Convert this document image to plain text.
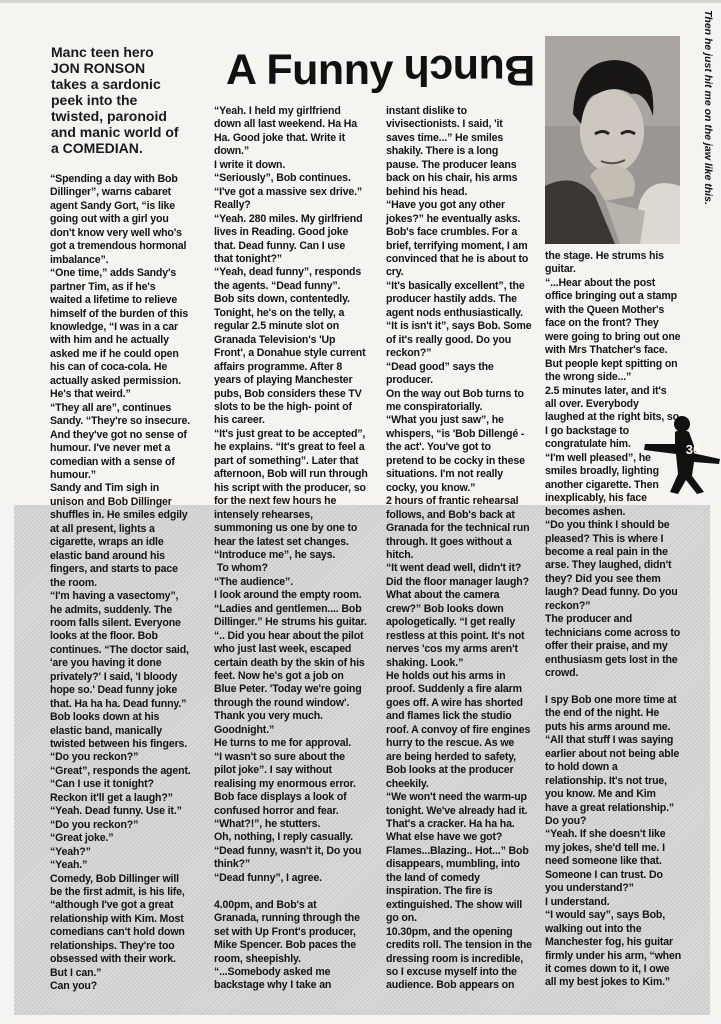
Manc teen hero
JON RONSON
takes a sardonic
peek into the
twisted, paronoid
and manic world of
a COMEDIAN.

A Funny Bunch	Then he just hit me on the jaw like this.
36

“Spending a day with Bob
Dillinger”, warns cabaret
agent Sandy Gort, “is like
going out with a girl you
don't know very well who's
got a tremendous hormonal
imbalance”.
“One time,” adds Sandy's
partner Tim, as if he's
waited a lifetime to relieve
himself of the burden of this
knowledge, “I was in a car
with him and he actually
asked me if he could open
his can of coca-cola. He
actually asked permission.
He's that weird.”
“They all are”, continues
Sandy. “They're so insecure.
And they've got no sense of
humour. I've never met a
comedian with a sense of
humour.”
Sandy and Tim sigh in
unison and Bob Dillinger
shuffles in. He smiles edgily
at all present, lights a
cigarette, wraps an idle
elastic band around his
fingers, and starts to pace
the room.
“I'm having a vasectomy”,
he admits, suddenly. The
room falls silent. Everyone
looks at the floor. Bob
continues. “The doctor said,
'are you having it done
privately?' I said, 'I bloody
hope so.' Dead funny joke
that. Ha ha ha. Dead funny.”
Bob looks down at his
elastic band, manically
twisted between his fingers.
“Do you reckon?”
“Great”, responds the agent.
“Can I use it tonight?
Reckon it'll get a laugh?”
“Yeah. Dead funny. Use it.”
“Do you reckon?”
“Great joke.”
“Yeah?”
“Yeah.”
Comedy, Bob Dillinger will
be the first admit, is his life,
“although I've got a great
relationship with Kim. Most
comedians can't hold down
relationships. They're too
obsessed with their work.
But I can.”
Can you?

“Yeah. I held my girlfriend
down all last weekend. Ha Ha
Ha. Good joke that. Write it
down.”
I write it down.
“Seriously”, Bob continues.
“I've got a massive sex drive.”
Really?
“Yeah. 280 miles. My girlfriend
lives in Reading. Good joke
that. Dead funny. Can I use
that tonight?”
“Yeah, dead funny”, responds
the agents. “Dead funny”.
Bob sits down, contentedly.
Tonight, he's on the telly, a
regular 2.5 minute slot on
Granada Television's 'Up
Front', a Donahue style current
affairs programme. After 8
years of playing Manchester
pubs, Bob considers these TV
slots to be the high- point of
his career.
“It's just great to be accepted”,
he explains. “It's great to feel a
part of something”. Later that
afternoon, Bob will run through
his script with the producer, so
for the next few hours he
intensely rehearses,
summoning us one by one to
hear the latest set changes.
“Introduce me”, he says.
To whom?
“The audience”.
I look around the empty room.
“Ladies and gentlemen.... Bob
Dillinger.” He strums his guitar.
“.. Did you hear about the pilot
who just last week, escaped
certain death by the skin of his
feet. Now he's got a job on
Blue Peter. 'Today we're going
through the round window'.
Thank you very much.
Goodnight.”
He turns to me for approval.
“I wasn't so sure about the
pilot joke”. I say without
realising my enormous error.
Bob face displays a look of
confused horror and fear.
“What?!”, he stutters.
Oh, nothing, I reply casually.
“Dead funny, wasn't it, Do you
think?”
“Dead funny”, I agree.

4.00pm, and Bob's at
Granada, running through the
set with Up Front's producer,
Mike Spencer. Bob paces the
room, sheepishly.
“...Somebody asked me
backstage why I take an

instant dislike to
vivisectionists. I said, 'it
saves time...” He smiles
shakily. There is a long
pause. The producer leans
back on his chair, his arms
behind his head.
“Have you got any other
jokes?” he eventually asks.
Bob's face crumbles. For a
brief, terrifying moment, I am
convinced that he is about to
cry.
“It's basically excellent”, the
producer hastily adds. The
agent nods enthusiastically.
“It is isn't it”, says Bob. Some
of it's really good. Do you
reckon?”
“Dead good” says the
producer.
On the way out Bob turns to
me conspiratorially.
“What you just saw”, he
whispers, “is 'Bob Dillengé -
the act'. You've got to
pretend to be cocky in these
situations. I'm not really
cocky, you know.”
2 hours of frantic rehearsal
follows, and Bob's back at
Granada for the technical run
through. It goes without a
hitch.
“It went dead well, didn't it?
Did the floor manager laugh?
What about the camera
crew?” Bob looks down
apologetically. “I get really
restless at this point. It's not
nerves 'cos my arms aren't
shaking. Look.”
He holds out his arms in
proof. Suddenly a fire alarm
goes off. A wire has shorted
and flames lick the studio
roof. A convoy of fire engines
hurry to the rescue. As we
are being herded to safety,
Bob looks at the producer
cheekily.
“We won't need the warm-up
tonight. We've already had it.
That's a cracker. Ha ha ha.
What else have we got?
Flames...Blazing.. Hot...” Bob
disappears, mumbling, into
the land of comedy
inspiration. The fire is
extinguished. The show will
go on.
10.30pm, and the opening
credits roll. The tension in the
dressing room is incredible,
so I excuse myself into the
audience. Bob appears on

the stage. He strums his
guitar.
“...Hear about the post
office bringing out a stamp
with the Queen Mother's
face on the front? They
were going to bring out one
with Mrs Thatcher's face.
But people kept spitting on
the wrong side...”
2.5 minutes later, and it's
all over. Everybody
laughed at the right bits, so
I go backstage to
congratulate him.
“I'm well pleased”, he
smiles broadly, lighting
another cigarette. Then
inexplicably, his face
becomes ashen.
“Do you think I should be
pleased? This is where I
become a real pain in the
arse. They laughed, didn't
they? Did you see them
laugh? Dead funny. Do you
reckon?”
The producer and
technicians come across to
offer their praise, and my
enthusiasm gets lost in the
crowd.

I spy Bob one more time at
the end of the night. He
puts his arms around me.
“All that stuff I was saying
earlier about not being able
to hold down a
relationship. It's not true,
you know. Me and Kim
have a great relationship.”
Do you?
“Yeah. If she doesn't like
my jokes, she'd tell me. I
need someone like that.
Someone I can trust. Do
you understand?”
I understand.
“I would say”, says Bob,
walking out into the
Manchester fog, his guitar
firmly under his arm, “when
it comes down to it, I owe
all my best jokes to Kim.”
